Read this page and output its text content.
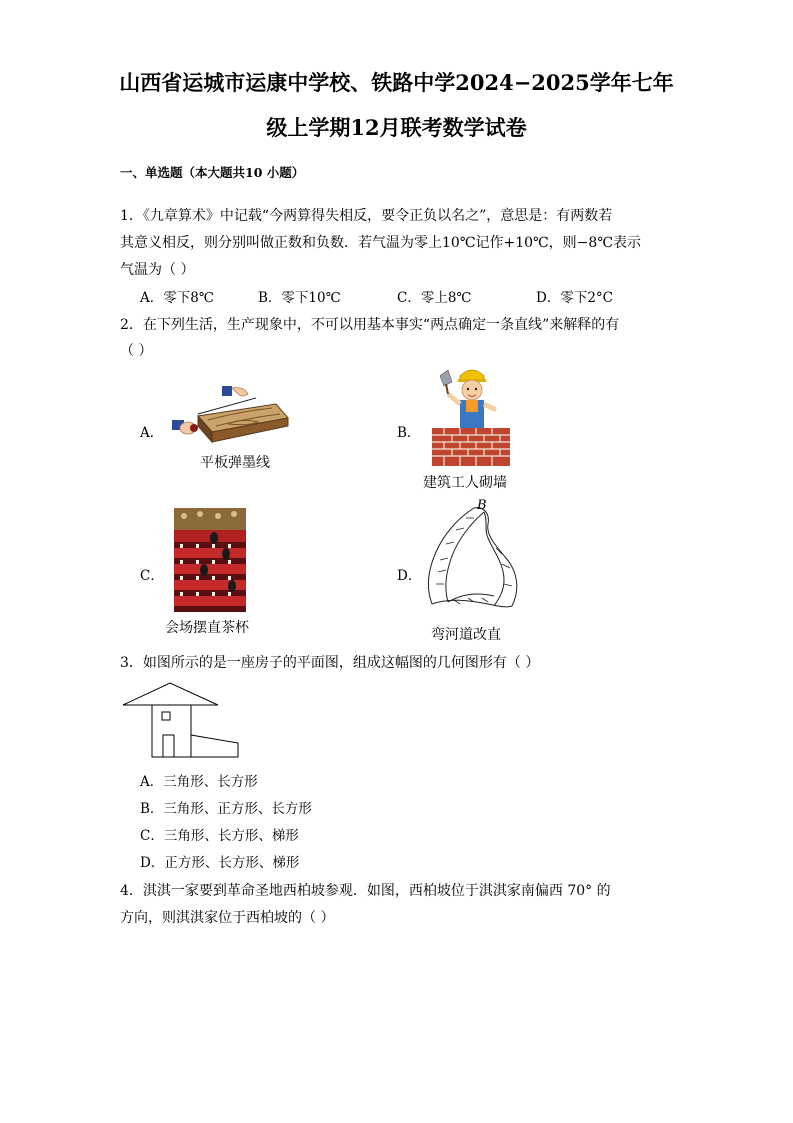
山西省运城市运康中学校、铁路中学2024−2025学年七年
级上学期12月联考数学试卷
一、单选题（本大题共10 小题）
1．《九章算术》中记载“今两算得失相反，要令正负以名之”，意思是：有两数若
其意义相反，则分别叫做正数和负数．若气温为零上10℃记作+10℃，则−8℃表示
气温为（ ）
A．零下8℃	B．零下10℃	C．零上8℃	D．零下2°C
2．在下列生活，生产现象中，不可以用基本事实“两点确定一条直线”来解释的有
（ ）
A．
平板弹墨线
B．
建筑工人砌墙
C．
会场摆直茶杯
D．
B
弯河道改直
3．如图所示的是一座房子的平面图，组成这幅图的几何图形有（ ）
A．三角形、长方形
B．三角形、正方形、长方形
C．三角形、长方形、梯形
D．正方形、长方形、梯形
4．淇淇一家要到革命圣地西柏坡参观．如图，西柏坡位于淇淇家南偏西 70° 的
方向，则淇淇家位于西柏坡的（ ）
